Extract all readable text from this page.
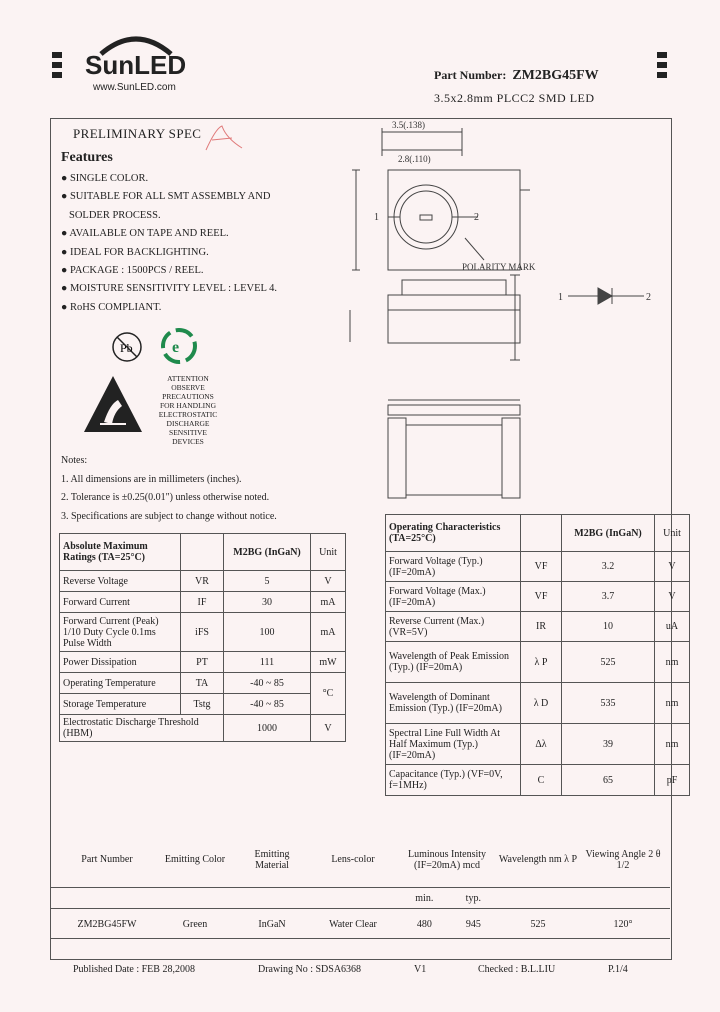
SunLED
www.SunLED.com
Part Number: ZM2BG45FW
3.5x2.8mm PLCC2 SMD LED
PRELIMINARY SPEC
Features
● SINGLE COLOR.
● SUITABLE FOR ALL SMT ASSEMBLY AND
SOLDER PROCESS.
● AVAILABLE ON TAPE AND REEL.
● IDEAL FOR BACKLIGHTING.
● PACKAGE : 1500PCS / REEL.
● MOISTURE SENSITIVITY LEVEL : LEVEL 4.
● RoHS COMPLIANT.
Pb e
ATTENTION
OBSERVE PRECAUTIONS
FOR HANDLING
ELECTROSTATIC
DISCHARGE
SENSITIVE
DEVICES
Notes:
1. All dimensions are in millimeters (inches).
2. Tolerance is ±0.25(0.01") unless otherwise noted.
3. Specifications are subject to change without notice.
3.5(.138)
2.8(.110)
1	2
POLARITY MARK
1	2
Absolute Maximum Ratings (TA=25°C)		M2BG (InGaN)	Unit
Reverse Voltage	VR	5	V
Forward Current	IF	30	mA
Forward Current (Peak) 1/10 Duty Cycle 0.1ms Pulse Width	iFS	100	mA
Power Dissipation	PT	111	mW
Operating Temperature	TA	-40 ~ 85	°C
Storage Temperature	Tstg	-40 ~ 85	
Electrostatic Discharge Threshold (HBM)		1000	V
Operating Characteristics (TA=25°C)		M2BG (InGaN)	Unit
Forward Voltage (Typ.) (IF=20mA)	VF	3.2	V
Forward Voltage (Max.) (IF=20mA)	VF	3.7	V
Reverse Current (Max.) (VR=5V)	IR	10	uA
Wavelength of Peak Emission (Typ.) (IF=20mA)	λ P	525	nm
Wavelength of Dominant Emission (Typ.) (IF=20mA)	λ D	535	nm
Spectral Line Full Width At Half Maximum (Typ.) (IF=20mA)	Δλ	39	nm
Capacitance (Typ.) (VF=0V, f=1MHz)	C	65	pF
Part Number	Emitting Color	Emitting Material	Lens-color	Luminous Intensity (IF=20mA) mcd		Wavelength nm λ P	Viewing Angle 2 θ 1/2
				min.	typ.		
ZM2BG45FW	Green	InGaN	Water Clear	480	945	525	120°
Published Date : FEB 28,2008	Drawing No : SDSA6368	V1	Checked : B.L.LIU	P.1/4
